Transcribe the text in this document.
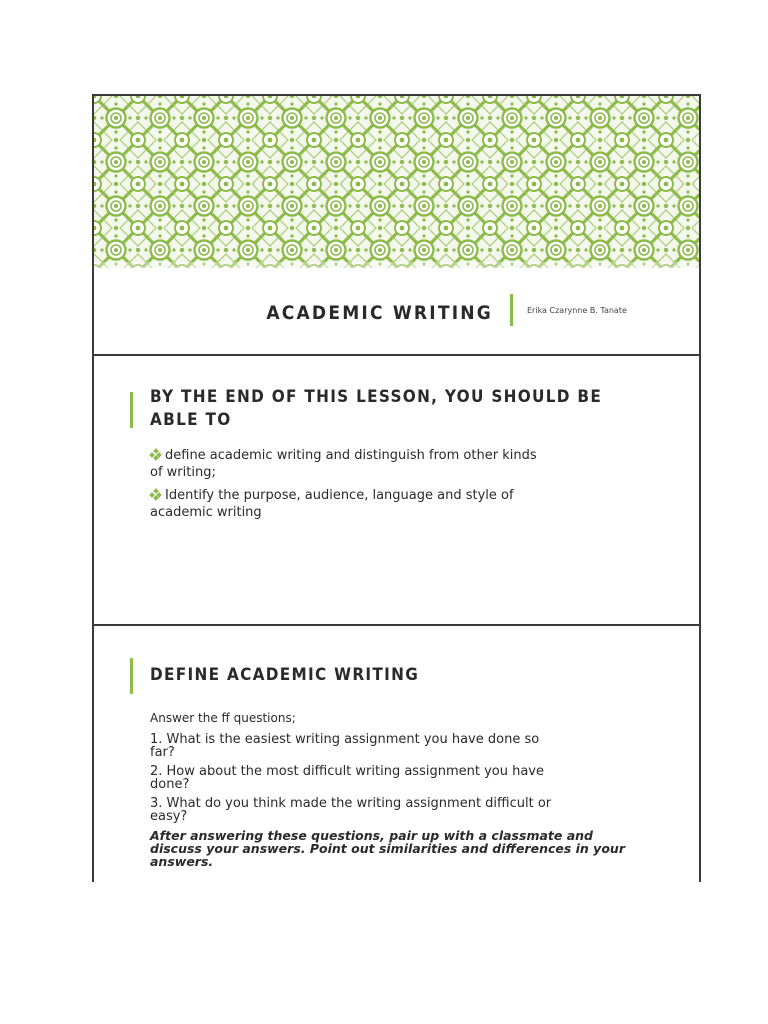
ACADEMIC WRITING	Erika Czarynne B. Tanate
BY THE END OF THIS LESSON, YOU SHOULD BE
ABLE TO
define academic writing and distinguish from other kinds
of writing;
Identify the purpose, audience, language and style of
academic writing
DEFINE ACADEMIC WRITING
Answer the ff questions;
1. What is the easiest writing assignment you have done so
far?
2. How about the most difficult writing assignment you have
done?
3. What do you think made the writing assignment difficult or
easy?
After answering these questions, pair up with a classmate and
discuss your answers. Point out similarities and differences in your
answers.
